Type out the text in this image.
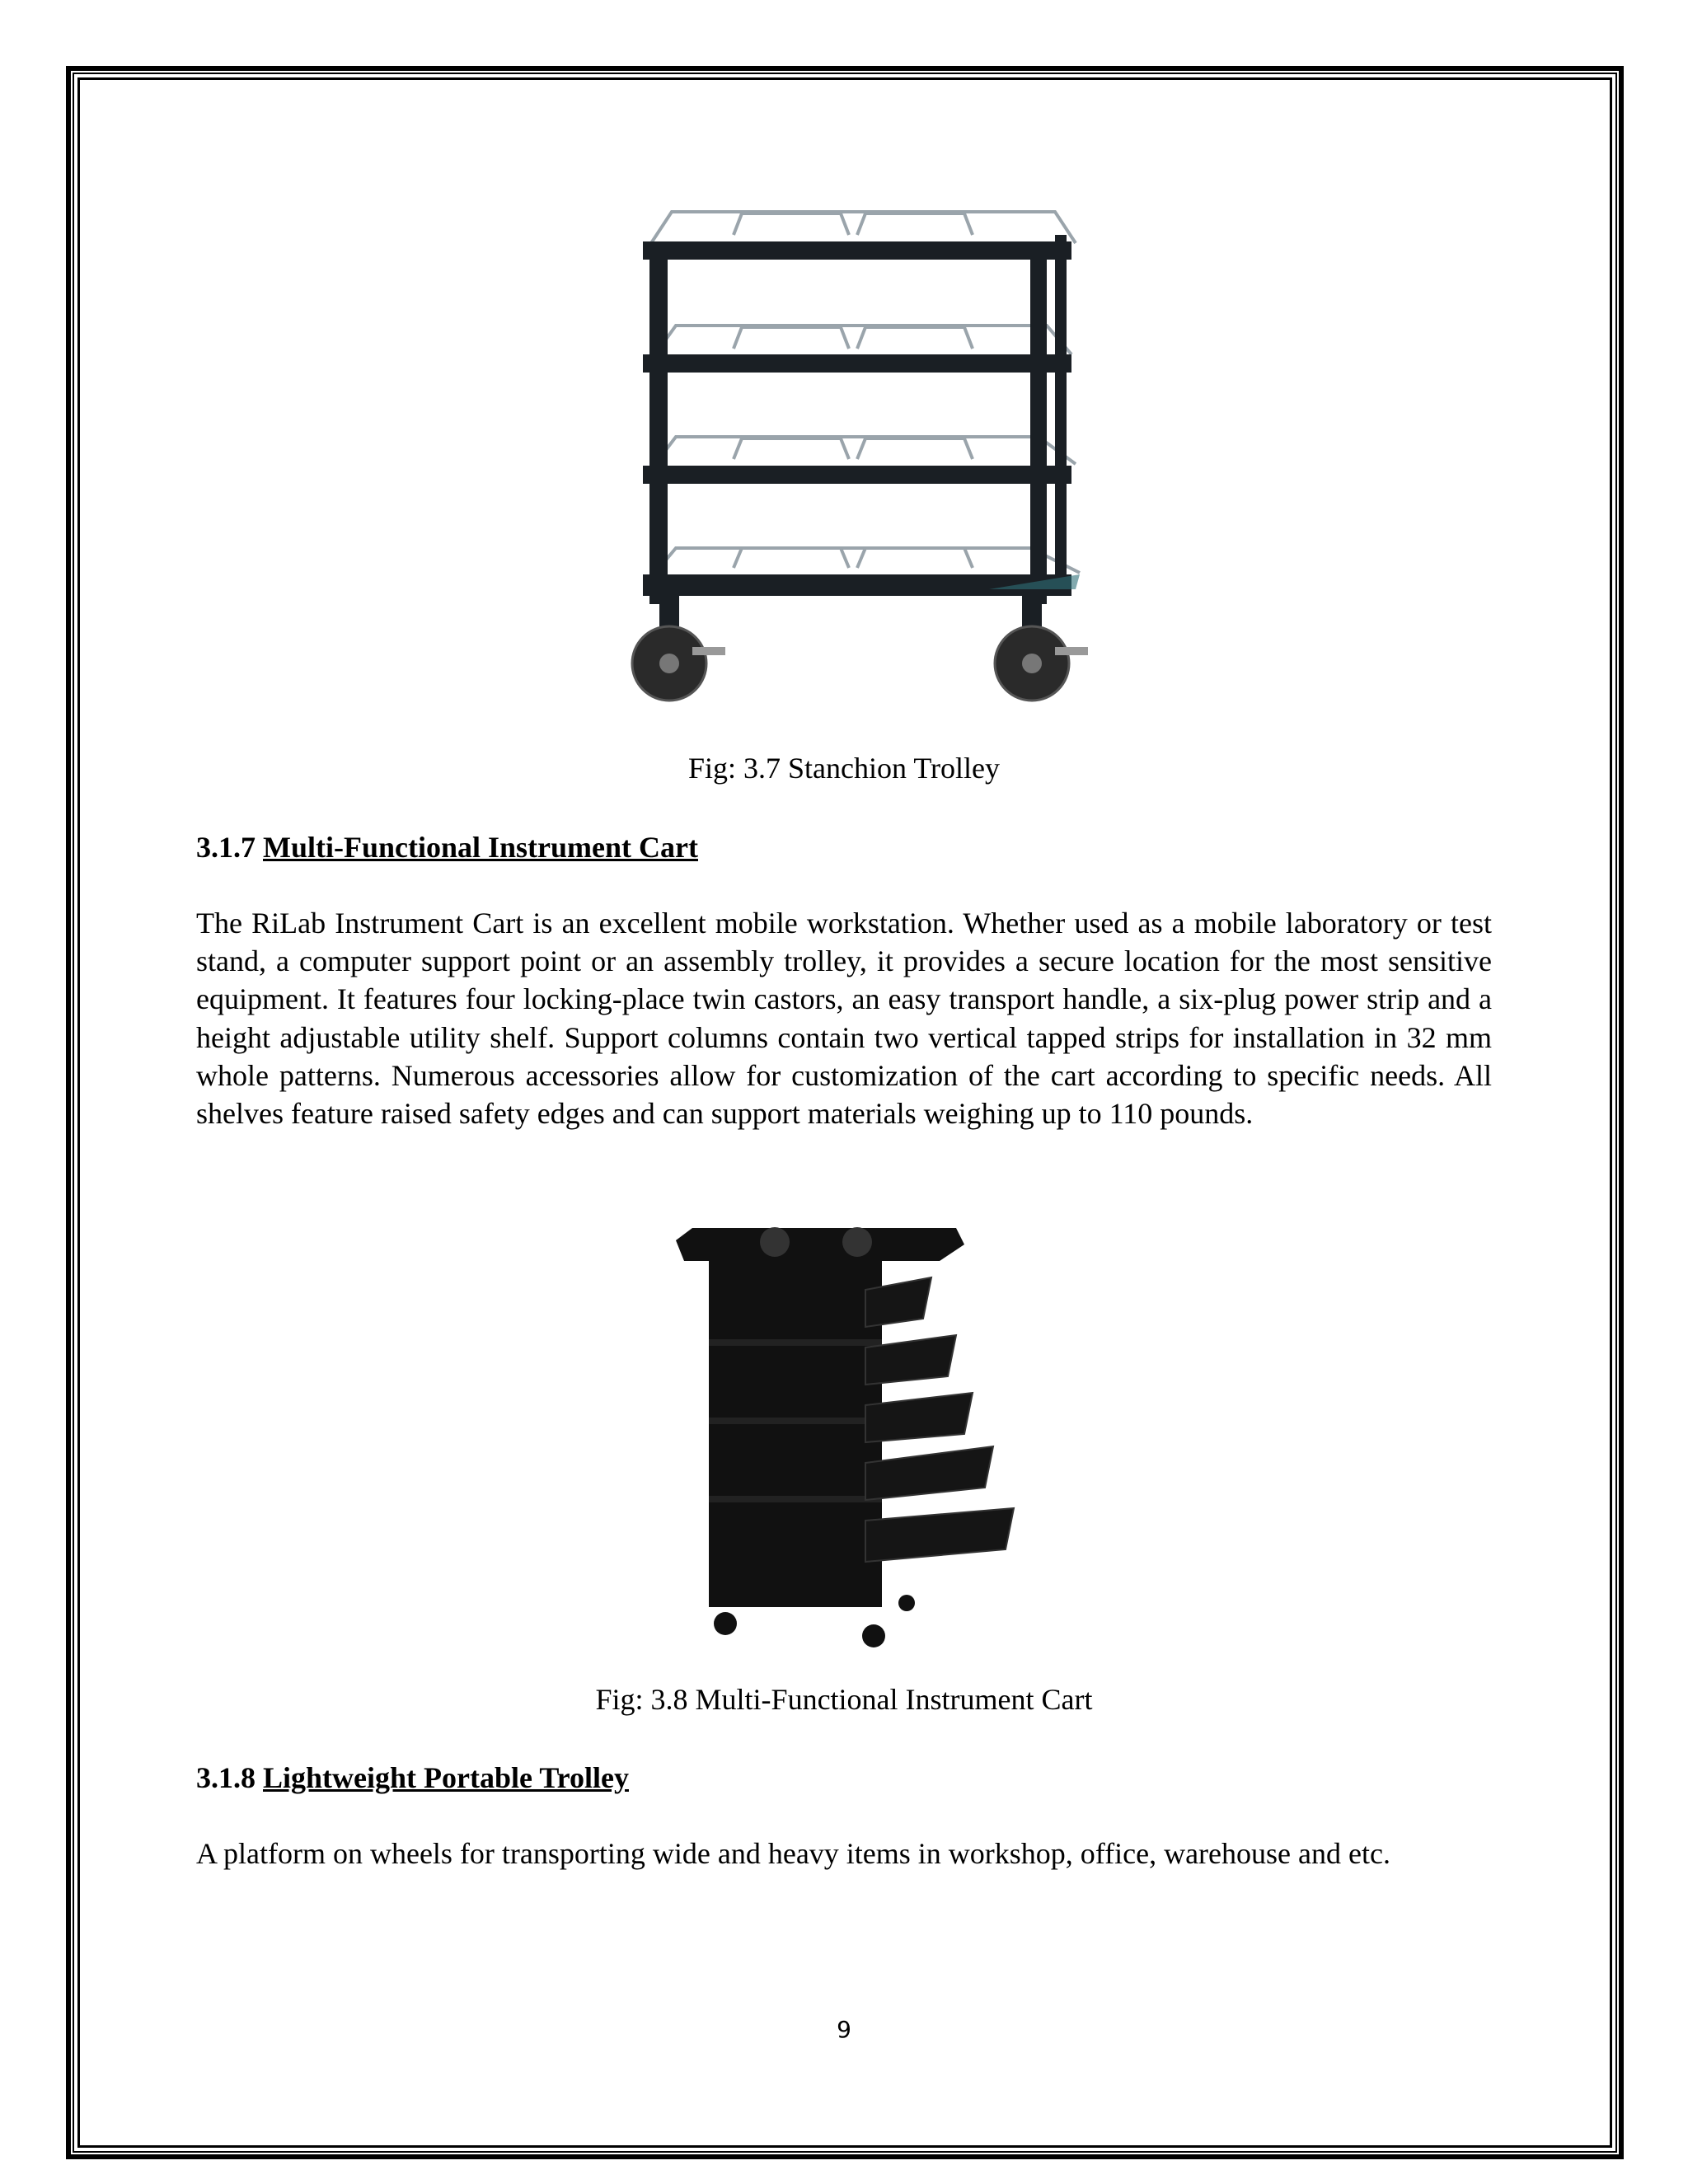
Fig: 3.7 Stanchion Trolley
3.1.7 Multi-Functional Instrument Cart
The RiLab Instrument Cart is an excellent mobile workstation. Whether used as a mobile laboratory or test stand, a computer support point or an assembly trolley, it provides a secure location for the most sensitive equipment. It features four locking-place twin castors, an easy transport handle, a six-plug power strip and a height adjustable utility shelf. Support columns contain two vertical tapped strips for installation in 32 mm whole patterns. Numerous accessories allow for customization of the cart according to specific needs. All shelves feature raised safety edges and can support materials weighing up to 110 pounds.
Fig: 3.8 Multi-Functional Instrument Cart
3.1.8 Lightweight Portable Trolley
A platform on wheels for transporting wide and heavy items in workshop, office, warehouse and etc.
9
